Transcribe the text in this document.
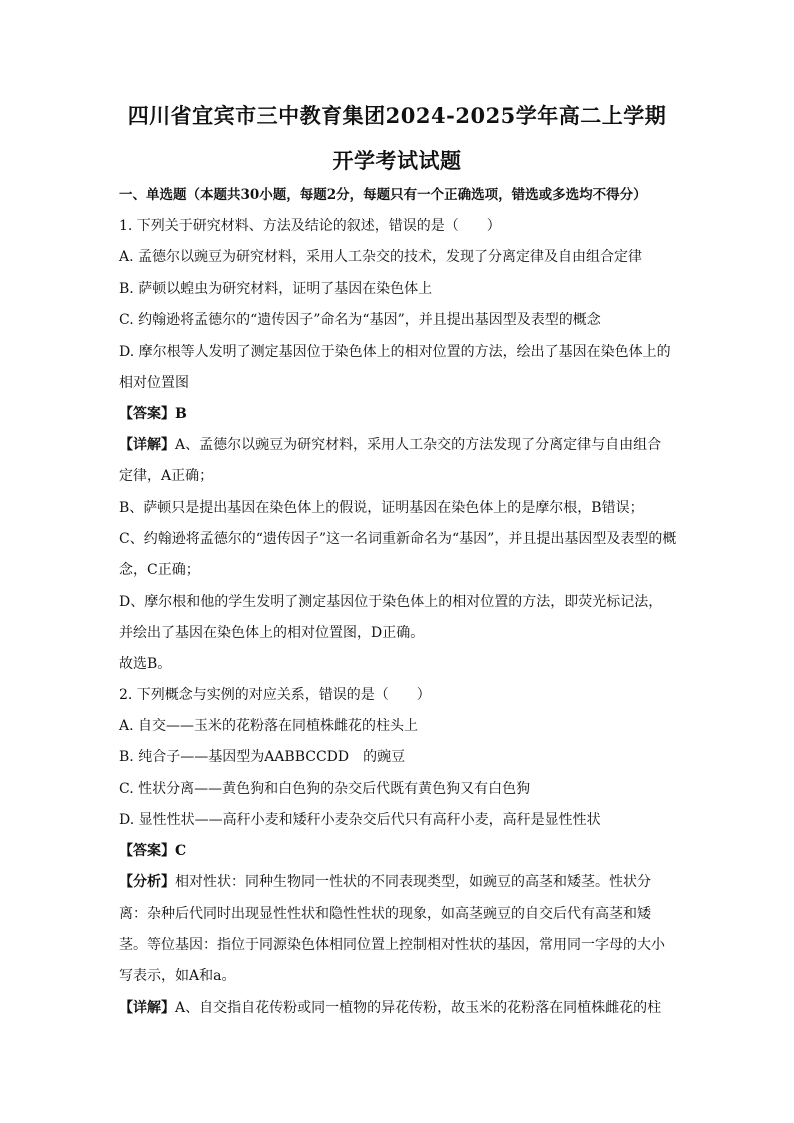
四川省宜宾市三中教育集团2024-2025学年高二上学期
开学考试试题
一、单选题（本题共30小题，每题2分，每题只有一个正确选项，错选或多选均不得分）
1. 下列关于研究材料、方法及结论的叙述，错误的是（　　）
A. 孟德尔以豌豆为研究材料，采用人工杂交的技术，发现了分离定律及自由组合定律
B. 萨顿以蝗虫为研究材料，证明了基因在染色体上
C. 约翰逊将孟德尔的“遗传因子”命名为“基因”，并且提出基因型及表型的概念
D. 摩尔根等人发明了测定基因位于染色体上的相对位置的方法，绘出了基因在染色体上的
相对位置图
【答案】B
【详解】A、孟德尔以豌豆为研究材料，采用人工杂交的方法发现了分离定律与自由组合
定律，A正确；
B、萨顿只是提出基因在染色体上的假说，证明基因在染色体上的是摩尔根，B错误；
C、约翰逊将孟德尔的“遗传因子”这一名词重新命名为“基因”，并且提出基因型及表型的概
念，C正确；
D、摩尔根和他的学生发明了测定基因位于染色体上的相对位置的方法，即荧光标记法，
并绘出了基因在染色体上的相对位置图，D正确。
故选B。
2. 下列概念与实例的对应关系，错误的是（　　）
A. 自交——玉米的花粉落在同植株雌花的柱头上
B. 纯合子——基因型为AABBCCDD　的豌豆
C. 性状分离——黄色狗和白色狗的杂交后代既有黄色狗又有白色狗
D. 显性性状——高秆小麦和矮秆小麦杂交后代只有高秆小麦，高秆是显性性状
【答案】C
【分析】相对性状：同种生物同一性状的不同表现类型，如豌豆的高茎和矮茎。性状分
离：杂种后代同时出现显性性状和隐性性状的现象，如高茎豌豆的自交后代有高茎和矮
茎。等位基因：指位于同源染色体相同位置上控制相对性状的基因，常用同一字母的大小
写表示，如A和a。
【详解】A、自交指自花传粉或同一植物的异花传粉，故玉米的花粉落在同植株雌花的柱
